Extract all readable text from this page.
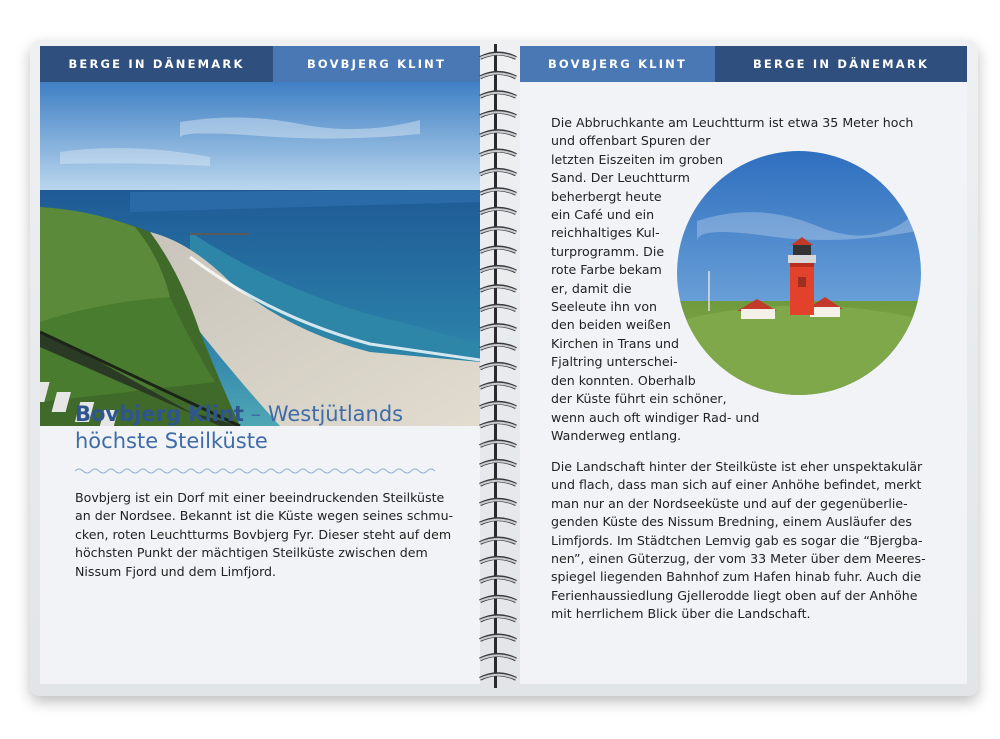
BERGE IN DÄNEMARK	BOVBJERG KLINT
Bovbjerg Klint – Westjütlands
höchste Steilküste
Bovbjerg ist ein Dorf mit einer beeindruckenden Steilküste
an der Nordsee. Bekannt ist die Küste wegen seines schmu-
cken, roten Leuchtturms Bovbjerg Fyr. Dieser steht auf dem
höchsten Punkt der mächtigen Steilküste zwischen dem
Nissum Fjord und dem Limfjord.
BOVBJERG KLINT	BERGE IN DÄNEMARK
Die Abbruchkante am Leuchtturm ist etwa 35 Meter hoch
und offenbart Spuren der
letzten Eiszeiten im groben
Sand. Der Leuchtturm
beherbergt heute
ein Café und ein
reichhaltiges Kul-
turprogramm. Die
rote Farbe bekam
er, damit die
Seeleute ihn von
den beiden weißen
Kirchen in Trans und
Fjaltring unterschei-
den konnten. Oberhalb
der Küste führt ein schöner,
wenn auch oft windiger Rad- und
Wanderweg entlang.
Die Landschaft hinter der Steilküste ist eher unspektakulär
und flach, dass man sich auf einer Anhöhe befindet, merkt
man nur an der Nordseeküste und auf der gegenüberlie-
genden Küste des Nissum Bredning, einem Ausläufer des
Limfjords. Im Städtchen Lemvig gab es sogar die “Bjergba-
nen”, einen Güterzug, der vom 33 Meter über dem Meeres-
spiegel liegenden Bahnhof zum Hafen hinab fuhr. Auch die
Ferienhaussiedlung Gjellerodde liegt oben auf der Anhöhe
mit herrlichem Blick über die Landschaft.
